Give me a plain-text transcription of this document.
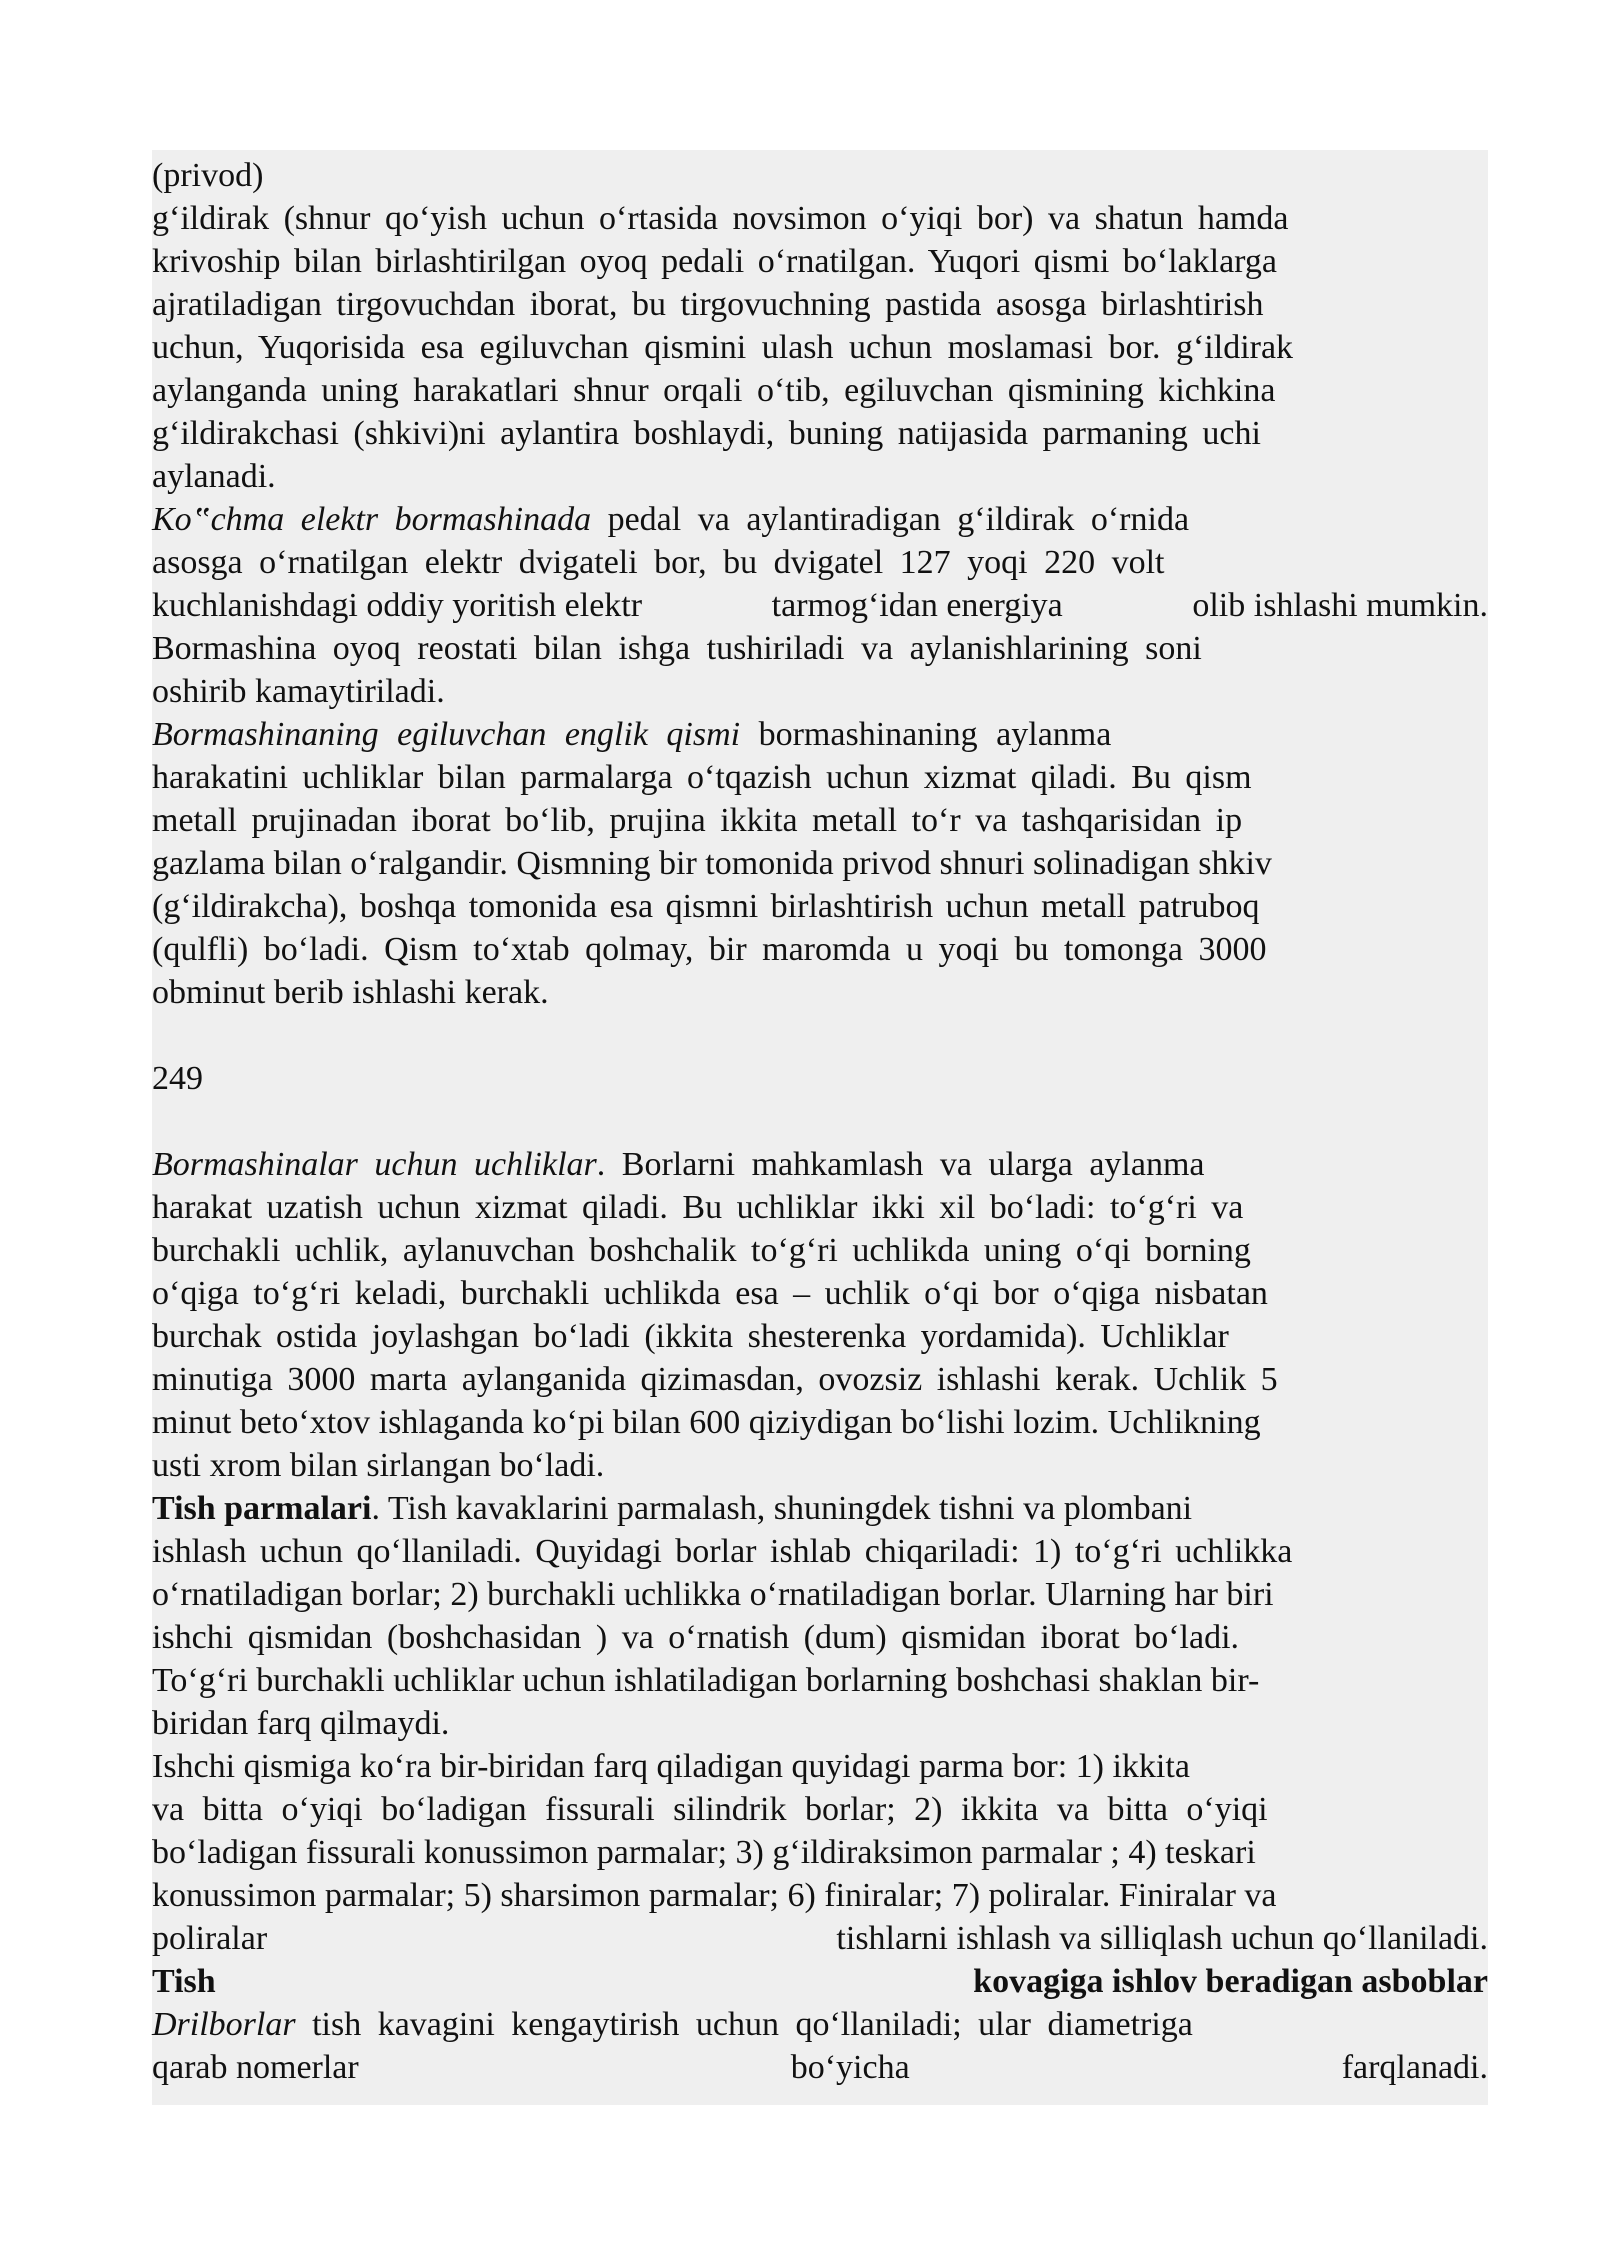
(privod)
g‘ildirak (shnur qo‘yish uchun o‘rtasida novsimon o‘yiqi bor) va shatun hamda
krivoship bilan birlashtirilgan oyoq pedali o‘rnatilgan. Yuqori qismi bo‘laklarga
ajratiladigan tirgovuchdan iborat, bu tirgovuchning pastida asosga birlashtirish
uchun, Yuqorisida esa egiluvchan qismini ulash uchun moslamasi bor. g‘ildirak
aylanganda uning harakatlari shnur orqali o‘tib, egiluvchan qismining kichkina
g‘ildirakchasi (shkivi)ni aylantira boshlaydi, buning natijasida parmaning uchi
aylanadi.
Ko‟chma elektr bormashinada pedal va aylantiradigan g‘ildirak o‘rnida
asosga o‘rnatilgan elektr dvigateli bor, bu dvigatel 127 yoqi 220 volt
kuchlanishdagi oddiy yoritish elektr	tarmog‘idan energiya	olib ishlashi mumkin.
Bormashina oyoq reostati bilan ishga tushiriladi va aylanishlarining soni
oshirib kamaytiriladi.
Bormashinaning egiluvchan englik qismi bormashinaning aylanma
harakatini uchliklar bilan parmalarga o‘tqazish uchun xizmat qiladi. Bu qism
metall prujinadan iborat bo‘lib, prujina ikkita metall to‘r va tashqarisidan ip
gazlama bilan o‘ralgandir. Qismning bir tomonida privod shnuri solinadigan shkiv
(g‘ildirakcha), boshqa tomonida esa qismni birlashtirish uchun metall patruboq
(qulfli) bo‘ladi. Qism to‘xtab qolmay, bir maromda u yoqi bu tomonga 3000
obminut berib ishlashi kerak.
249
Bormashinalar uchun uchliklar. Borlarni mahkamlash va ularga aylanma
harakat uzatish uchun xizmat qiladi. Bu uchliklar ikki xil bo‘ladi: to‘g‘ri va
burchakli uchlik, aylanuvchan boshchalik to‘g‘ri uchlikda uning o‘qi borning
o‘qiga to‘g‘ri keladi, burchakli uchlikda esa – uchlik o‘qi bor o‘qiga nisbatan
burchak ostida joylashgan bo‘ladi (ikkita shesterenka yordamida). Uchliklar
minutiga 3000 marta aylanganida qizimasdan, ovozsiz ishlashi kerak. Uchlik 5
minut beto‘xtov ishlaganda ko‘pi bilan 600 qiziydigan bo‘lishi lozim. Uchlikning
usti xrom bilan sirlangan bo‘ladi.
Tish parmalari. Tish kavaklarini parmalash, shuningdek tishni va plombani
ishlash uchun qo‘llaniladi. Quyidagi borlar ishlab chiqariladi: 1) to‘g‘ri uchlikka
o‘rnatiladigan borlar; 2) burchakli uchlikka o‘rnatiladigan borlar. Ularning har biri
ishchi qismidan (boshchasidan ) va o‘rnatish (dum) qismidan iborat bo‘ladi.
To‘g‘ri burchakli uchliklar uchun ishlatiladigan borlarning boshchasi shaklan bir-
biridan farq qilmaydi.
Ishchi qismiga ko‘ra bir-biridan farq qiladigan quyidagi parma bor: 1) ikkita
va bitta o‘yiqi bo‘ladigan fissurali silindrik borlar; 2) ikkita va bitta o‘yiqi
bo‘ladigan fissurali konussimon parmalar; 3) g‘ildiraksimon parmalar ; 4) teskari
konussimon parmalar; 5) sharsimon parmalar; 6) finiralar; 7) poliralar. Finiralar va
poliralar	tishlarni ishlash va silliqlash uchun qo‘llaniladi.
Tish	kovagiga ishlov beradigan asboblar
Drilborlar tish kavagini kengaytirish uchun qo‘llaniladi; ular diametriga
qarab nomerlar	bo‘yicha	farqlanadi.
